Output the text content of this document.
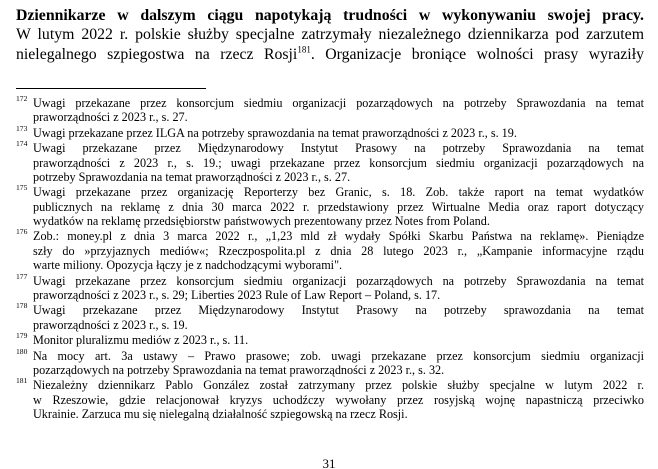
Dziennikarze w dalszym ciągu napotykają trudności w wykonywaniu swojej pracy.
W lutym 2022 r. polskie służby specjalne zatrzymały niezależnego dziennikarza pod zarzutem
nielegalnego szpiegostwa na rzecz Rosji$^{181}$. Organizacje broniące wolności prasy wyraziły
172 Uwagi przekazane przez konsorcjum siedmiu organizacji pozarządowych na potrzeby Sprawozdania na temat
praworządności z 2023 r., s. 27.
173 Uwagi przekazane przez ILGA na potrzeby sprawozdania na temat praworządności z 2023 r., s. 19.
174 Uwagi przekazane przez Międzynarodowy Instytut Prasowy na potrzeby Sprawozdania na temat
praworządności z 2023 r., s. 19.; uwagi przekazane przez konsorcjum siedmiu organizacji pozarządowych na
potrzeby Sprawozdania na temat praworządności z 2023 r., s. 27.
175 Uwagi przekazane przez organizację Reporterzy bez Granic, s. 18. Zob. także raport na temat wydatków
publicznych na reklamę z dnia 30 marca 2022 r. przedstawiony przez Wirtualne Media oraz raport dotyczący
wydatków na reklamę przedsiębiorstw państwowych prezentowany przez Notes from Poland.
176 Zob.: money.pl z dnia 3 marca 2022 r., „1,23 mld zł wydały Spółki Skarbu Państwa na reklamę». Pieniądze
szły do »przyjaznych mediów«; Rzeczpospolita.pl z dnia 28 lutego 2023 r., „Kampanie informacyjne rządu
warte miliony. Opozycja łączy je z nadchodzącymi wyborami".
177 Uwagi przekazane przez konsorcjum siedmiu organizacji pozarządowych na potrzeby Sprawozdania na temat
praworządności z 2023 r., s. 29; Liberties 2023 Rule of Law Report – Poland, s. 17.
178 Uwagi przekazane przez Międzynarodowy Instytut Prasowy na potrzeby sprawozdania na temat
praworządności z 2023 r., s. 19.
179 Monitor pluralizmu mediów z 2023 r., s. 11.
180 Na mocy art. 3a ustawy – Prawo prasowe; zob. uwagi przekazane przez konsorcjum siedmiu organizacji
pozarządowych na potrzeby Sprawozdania na temat praworządności z 2023 r., s. 32.
181 Niezależny dziennikarz Pablo González został zatrzymany przez polskie służby specjalne w lutym 2022 r.
w Rzeszowie, gdzie relacjonował kryzys uchodźczy wywołany przez rosyjską wojnę napastniczą przeciwko
Ukrainie. Zarzuca mu się nielegalną działalność szpiegowską na rzecz Rosji.
31
